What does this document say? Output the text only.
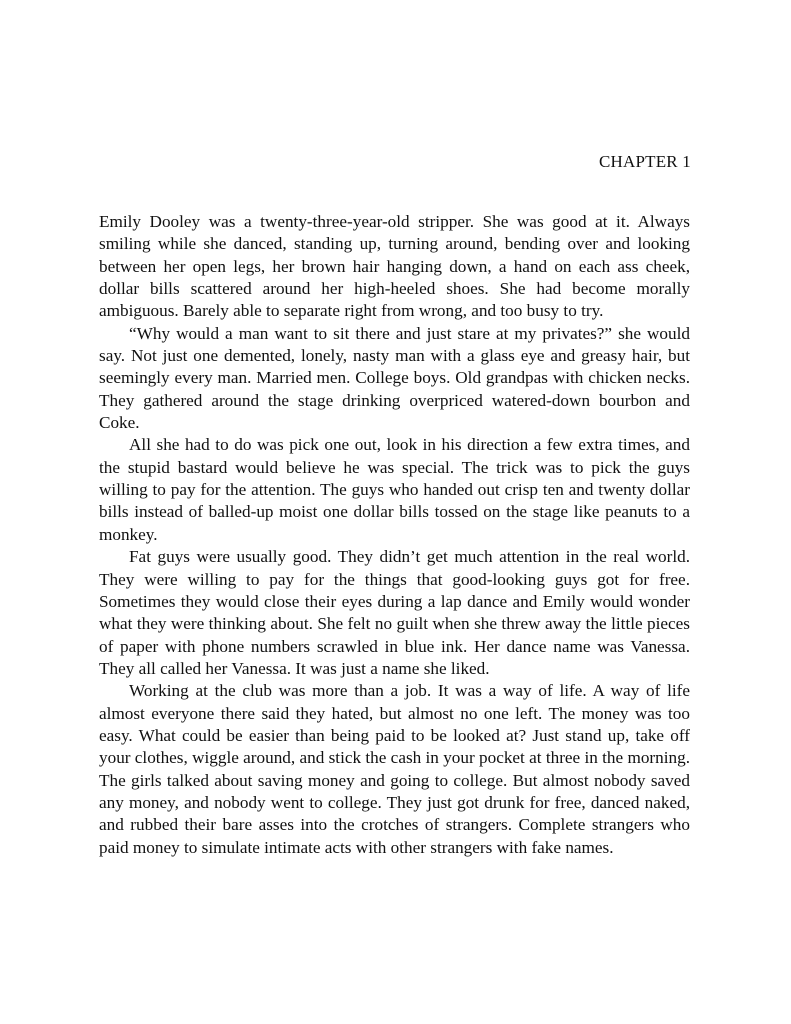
CHAPTER 1

Emily Dooley was a twenty-three-year-old stripper. She was good at it. Always smiling while she danced, standing up, turning around, bending over and looking between her open legs, her brown hair hanging down, a hand on each ass cheek, dollar bills scattered around her high-heeled shoes. She had become morally ambiguous. Barely able to separate right from wrong, and too busy to try.

“Why would a man want to sit there and just stare at my privates?” she would say. Not just one demented, lonely, nasty man with a glass eye and greasy hair, but seemingly every man. Married men. College boys. Old grandpas with chicken necks. They gathered around the stage drinking overpriced watered-down bourbon and Coke.

All she had to do was pick one out, look in his direction a few extra times, and the stupid bastard would believe he was special. The trick was to pick the guys willing to pay for the attention. The guys who handed out crisp ten and twenty dollar bills instead of balled-up moist one dollar bills tossed on the stage like peanuts to a monkey.

Fat guys were usually good. They didn’t get much attention in the real world. They were willing to pay for the things that good-looking guys got for free. Sometimes they would close their eyes during a lap dance and Emily would wonder what they were thinking about. She felt no guilt when she threw away the little pieces of paper with phone numbers scrawled in blue ink. Her dance name was Vanessa. They all called her Vanessa. It was just a name she liked.

Working at the club was more than a job. It was a way of life. A way of life almost everyone there said they hated, but almost no one left. The money was too easy. What could be easier than being paid to be looked at? Just stand up, take off your clothes, wiggle around, and stick the cash in your pocket at three in the morning. The girls talked about saving money and going to college. But almost nobody saved any money, and nobody went to college. They just got drunk for free, danced naked, and rubbed their bare asses into the crotches of strangers. Complete strangers who paid money to simulate intimate acts with other strangers with fake names.
